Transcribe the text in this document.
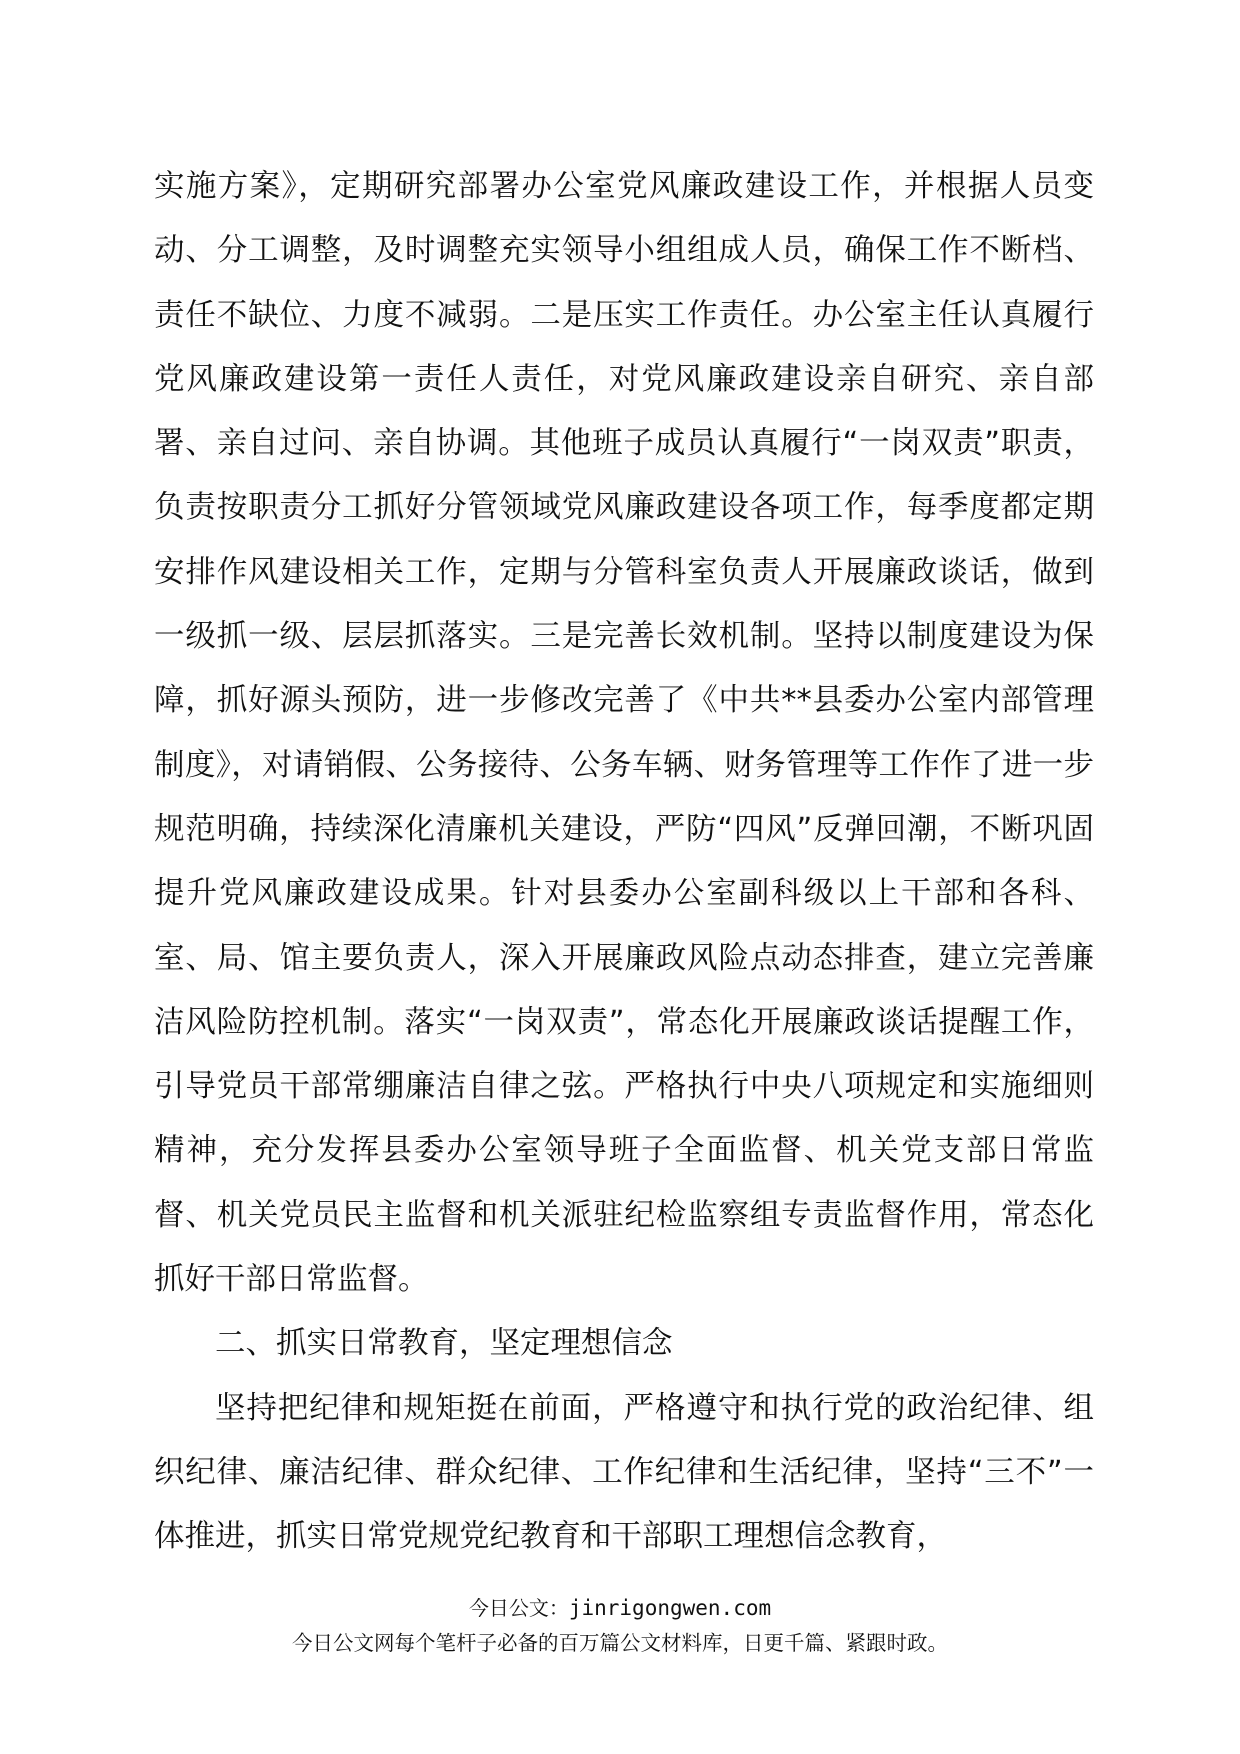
实施方案》，定期研究部署办公室党风廉政建设工作，并根据人员变动、分工调整，及时调整充实领导小组组成人员，确保工作不断档、责任不缺位、力度不减弱。二是压实工作责任。办公室主任认真履行党风廉政建设第一责任人责任，对党风廉政建设亲自研究、亲自部署、亲自过问、亲自协调。其他班子成员认真履行“一岗双责”职责，负责按职责分工抓好分管领域党风廉政建设各项工作，每季度都定期安排作风建设相关工作，定期与分管科室负责人开展廉政谈话，做到一级抓一级、层层抓落实。三是完善长效机制。坚持以制度建设为保障，抓好源头预防，进一步修改完善了《中共**县委办公室内部管理制度》，对请销假、公务接待、公务车辆、财务管理等工作作了进一步规范明确，持续深化清廉机关建设，严防“四风”反弹回潮，不断巩固提升党风廉政建设成果。针对县委办公室副科级以上干部和各科、室、局、馆主要负责人，深入开展廉政风险点动态排查，建立完善廉洁风险防控机制。落实“一岗双责”，常态化开展廉政谈话提醒工作，引导党员干部常绷廉洁自律之弦。严格执行中央八项规定和实施细则精神，充分发挥县委办公室领导班子全面监督、机关党支部日常监督、机关党员民主监督和机关派驻纪检监察组专责监督作用，常态化抓好干部日常监督。

二、抓实日常教育，坚定理想信念

坚持把纪律和规矩挺在前面，严格遵守和执行党的政治纪律、组织纪律、廉洁纪律、群众纪律、工作纪律和生活纪律，坚持“三不”一体推进，抓实日常党规党纪教育和干部职工理想信念教育，

今日公文：jinrigongwen.com
今日公文网每个笔杆子必备的百万篇公文材料库，日更千篇、紧跟时政。
